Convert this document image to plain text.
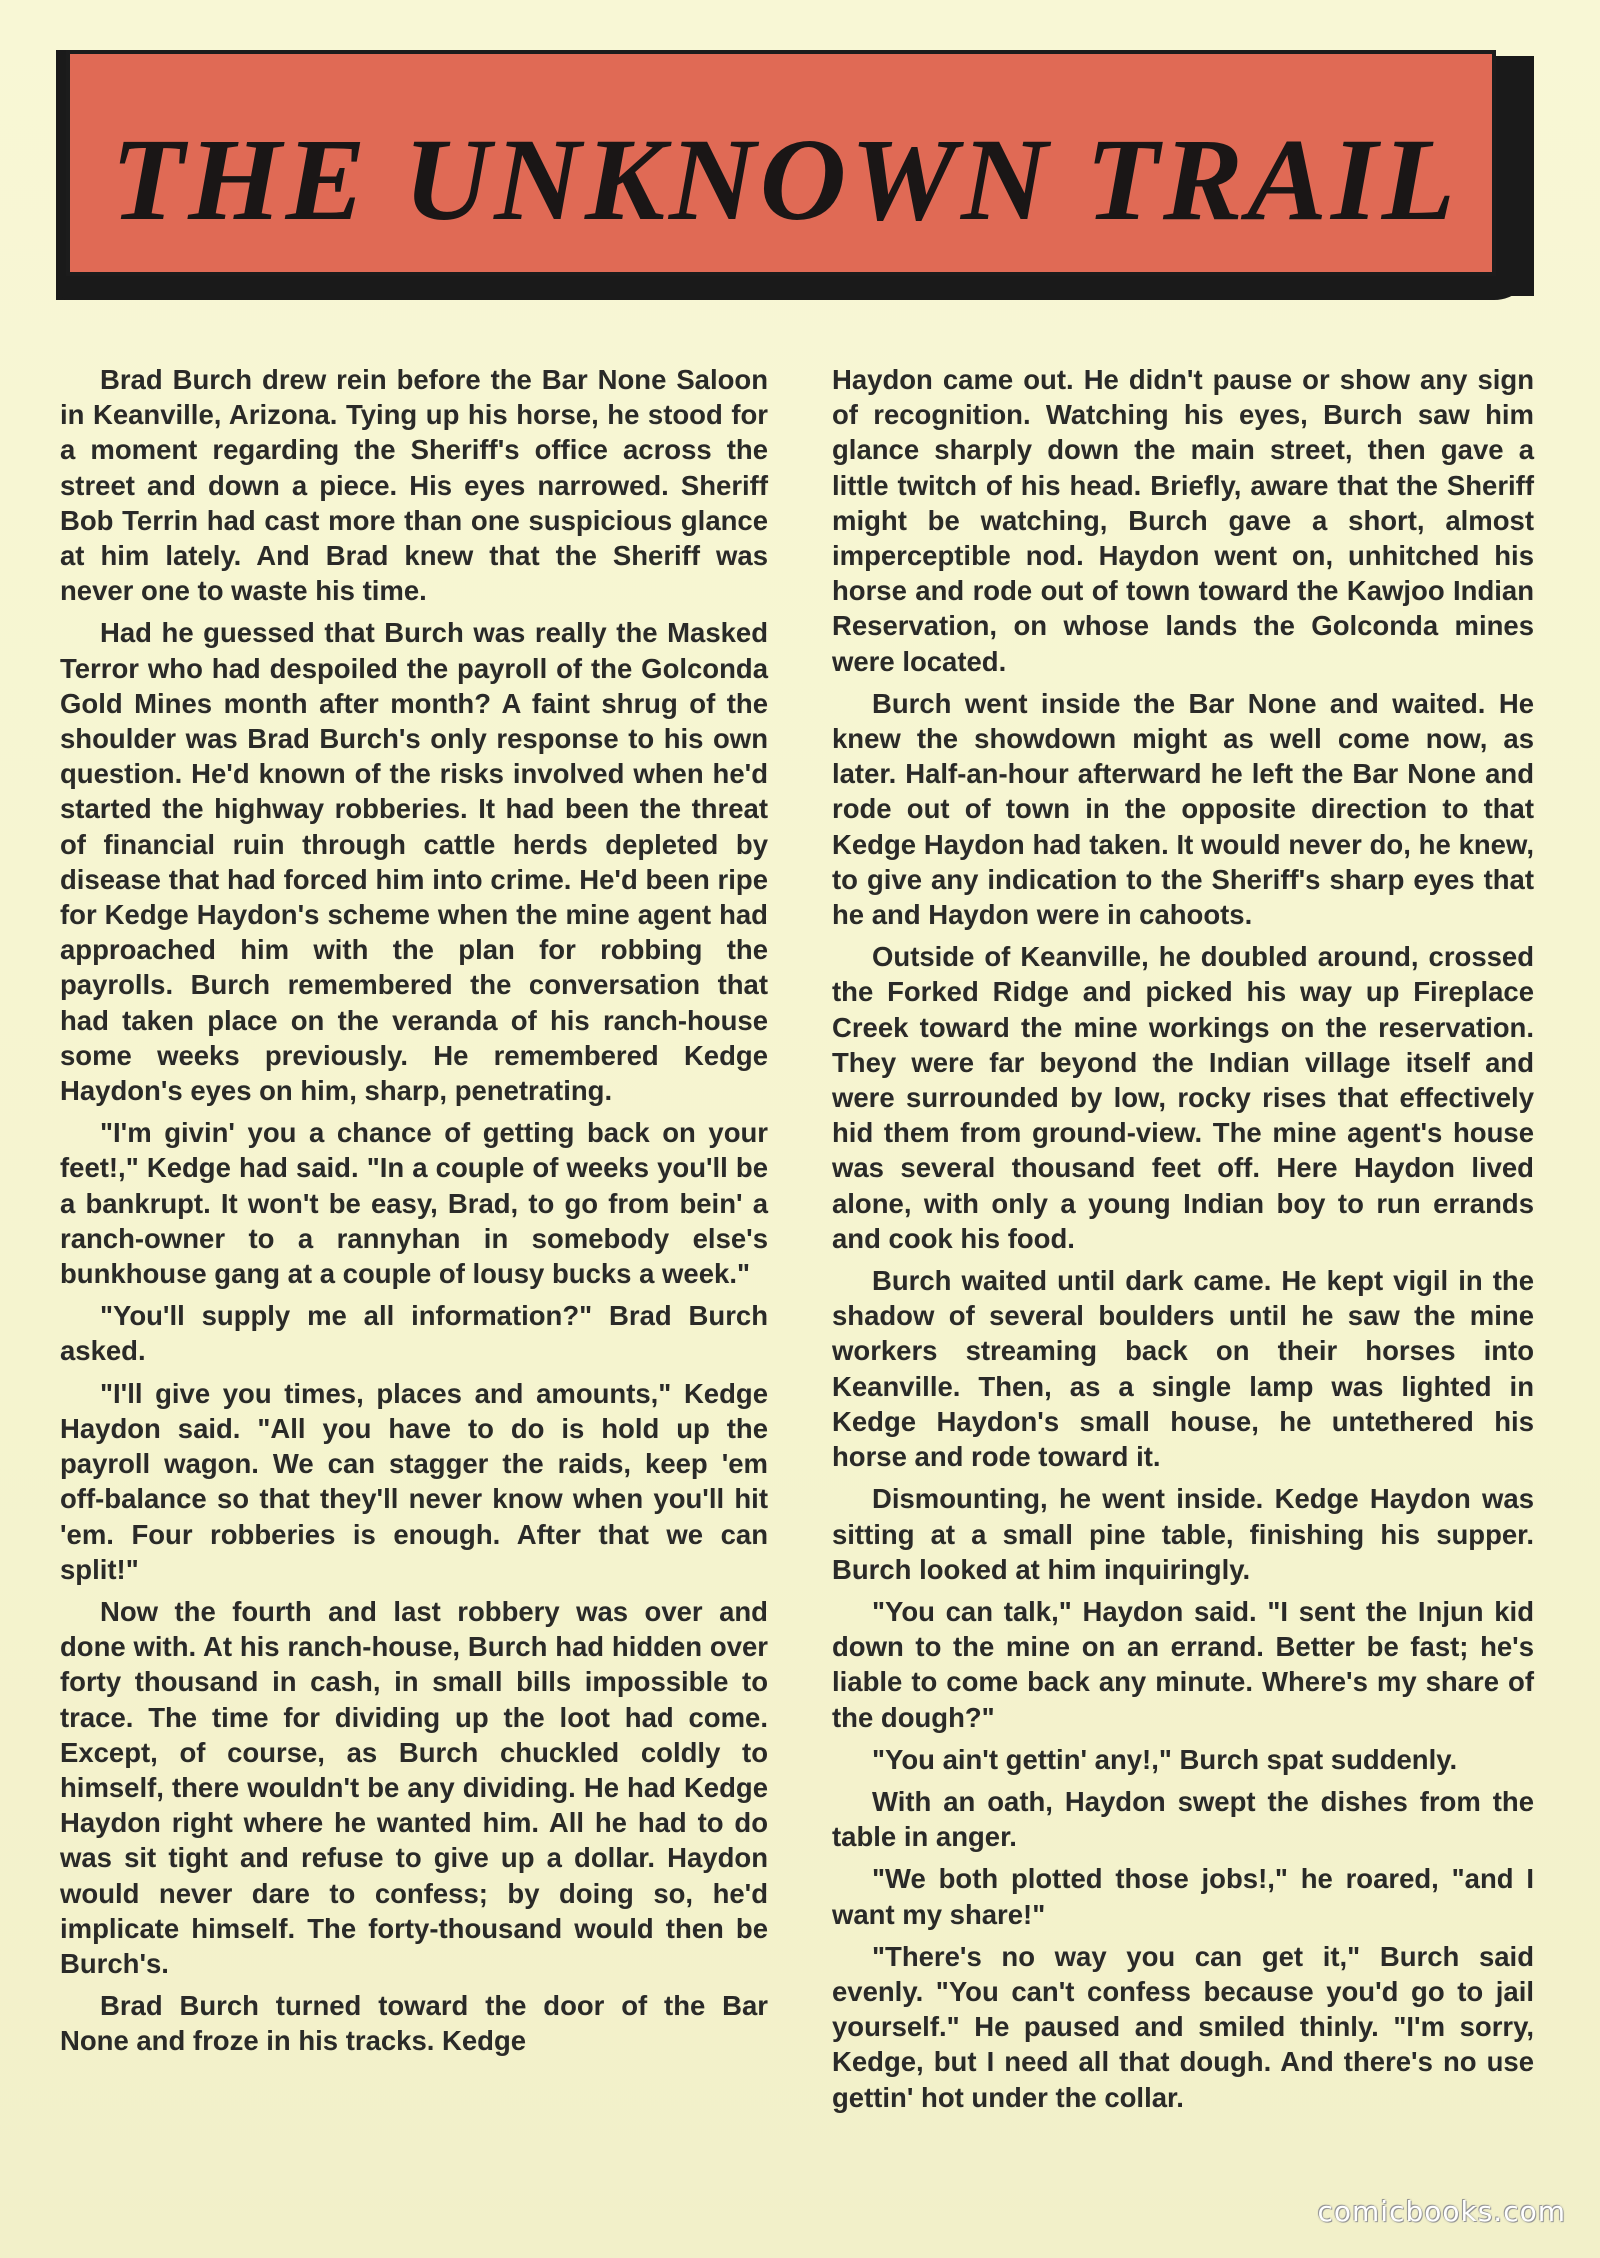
THE UNKNOWN TRAIL

Brad Burch drew rein before the Bar None Saloon in Keanville, Arizona. Tying up his horse, he stood for a moment regarding the Sheriff's office across the street and down a piece. His eyes narrowed. Sheriff Bob Terrin had cast more than one suspicious glance at him lately. And Brad knew that the Sheriff was never one to waste his time.

Had he guessed that Burch was really the Masked Terror who had despoiled the payroll of the Golconda Gold Mines month after month? A faint shrug of the shoulder was Brad Burch's only response to his own question. He'd known of the risks involved when he'd started the highway robberies. It had been the threat of financial ruin through cattle herds depleted by disease that had forced him into crime. He'd been ripe for Kedge Haydon's scheme when the mine agent had approached him with the plan for robbing the payrolls. Burch remembered the conversation that had taken place on the veranda of his ranch-house some weeks previously. He remembered Kedge Haydon's eyes on him, sharp, penetrating.

"I'm givin' you a chance of getting back on your feet!," Kedge had said. "In a couple of weeks you'll be a bankrupt. It won't be easy, Brad, to go from bein' a ranch-owner to a rannyhan in somebody else's bunkhouse gang at a couple of lousy bucks a week."

"You'll supply me all information?" Brad Burch asked.

"I'll give you times, places and amounts," Kedge Haydon said. "All you have to do is hold up the payroll wagon. We can stagger the raids, keep 'em off-balance so that they'll never know when you'll hit 'em. Four robberies is enough. After that we can split!"

Now the fourth and last robbery was over and done with. At his ranch-house, Burch had hidden over forty thousand in cash, in small bills impossible to trace. The time for dividing up the loot had come. Except, of course, as Burch chuckled coldly to himself, there wouldn't be any dividing. He had Kedge Haydon right where he wanted him. All he had to do was sit tight and refuse to give up a dollar. Haydon would never dare to confess; by doing so, he'd implicate himself. The forty-thousand would then be Burch's.

Brad Burch turned toward the door of the Bar None and froze in his tracks. Kedge

Haydon came out. He didn't pause or show any sign of recognition. Watching his eyes, Burch saw him glance sharply down the main street, then gave a little twitch of his head. Briefly, aware that the Sheriff might be watching, Burch gave a short, almost imperceptible nod. Haydon went on, unhitched his horse and rode out of town toward the Kawjoo Indian Reservation, on whose lands the Golconda mines were located.

Burch went inside the Bar None and waited. He knew the showdown might as well come now, as later. Half-an-hour afterward he left the Bar None and rode out of town in the opposite direction to that Kedge Haydon had taken. It would never do, he knew, to give any indication to the Sheriff's sharp eyes that he and Haydon were in cahoots.

Outside of Keanville, he doubled around, crossed the Forked Ridge and picked his way up Fireplace Creek toward the mine workings on the reservation. They were far beyond the Indian village itself and were surrounded by low, rocky rises that effectively hid them from ground-view. The mine agent's house was several thousand feet off. Here Haydon lived alone, with only a young Indian boy to run errands and cook his food.

Burch waited until dark came. He kept vigil in the shadow of several boulders until he saw the mine workers streaming back on their horses into Keanville. Then, as a single lamp was lighted in Kedge Haydon's small house, he untethered his horse and rode toward it.

Dismounting, he went inside. Kedge Haydon was sitting at a small pine table, finishing his supper. Burch looked at him inquiringly.

"You can talk," Haydon said. "I sent the Injun kid down to the mine on an errand. Better be fast; he's liable to come back any minute. Where's my share of the dough?"

"You ain't gettin' any!," Burch spat suddenly.

With an oath, Haydon swept the dishes from the table in anger.

"We both plotted those jobs!," he roared, "and I want my share!"

"There's no way you can get it," Burch said evenly. "You can't confess because you'd go to jail yourself." He paused and smiled thinly. "I'm sorry, Kedge, but I need all that dough. And there's no use gettin' hot under the collar.

comicbooks.com
